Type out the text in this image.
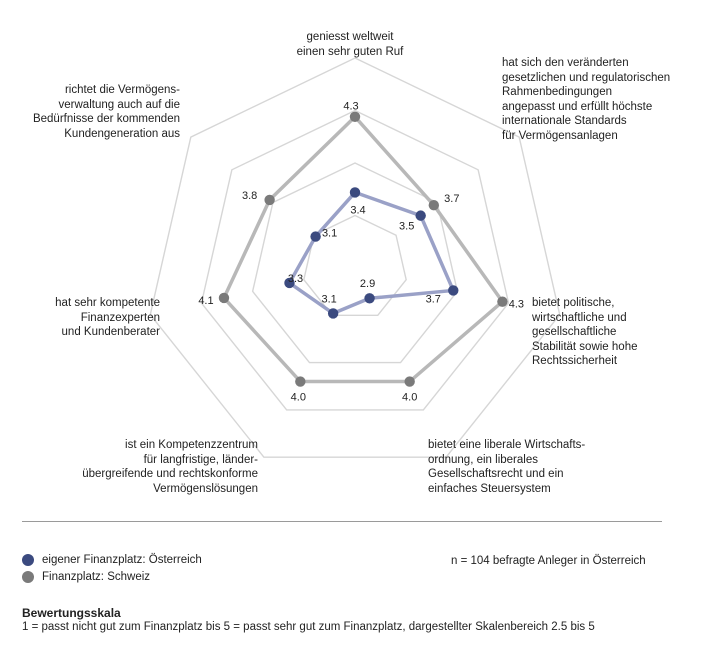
4.3
3.7
4.3
4.0
4.0
4.1
3.8
3.4
3.5
3.7
2.9
3.1
3.3
3.1
geniesst weltweit
einen sehr guten Ruf
hat sich den veränderten
gesetzlichen und regulatorischen
Rahmenbedingungen
angepasst und erfüllt höchste
internationale Standards
für Vermögensanlagen
bietet politische,
wirtschaftliche und
gesellschaftliche
Stabilität sowie hohe
Rechtssicherheit
bietet eine liberale Wirtschafts-
ordnung, ein liberales
Gesellschaftsrecht und ein
einfaches Steuersystem
ist ein Kompetenzzentrum
für langfristige, länder-
übergreifende und rechtskonforme
Vermögenslösungen
hat sehr kompetente
Finanzexperten
und Kundenberater
richtet die Vermögens-
verwaltung auch auf die
Bedürfnisse der kommenden
Kundengeneration aus
eigener Finanzplatz: Österreich
Finanzplatz: Schweiz
n = 104 befragte Anleger in Österreich
Bewertungsskala
1 = passt nicht gut zum Finanzplatz bis 5 = passt sehr gut zum Finanzplatz, dargestellter Skalenbereich 2.5 bis 5
